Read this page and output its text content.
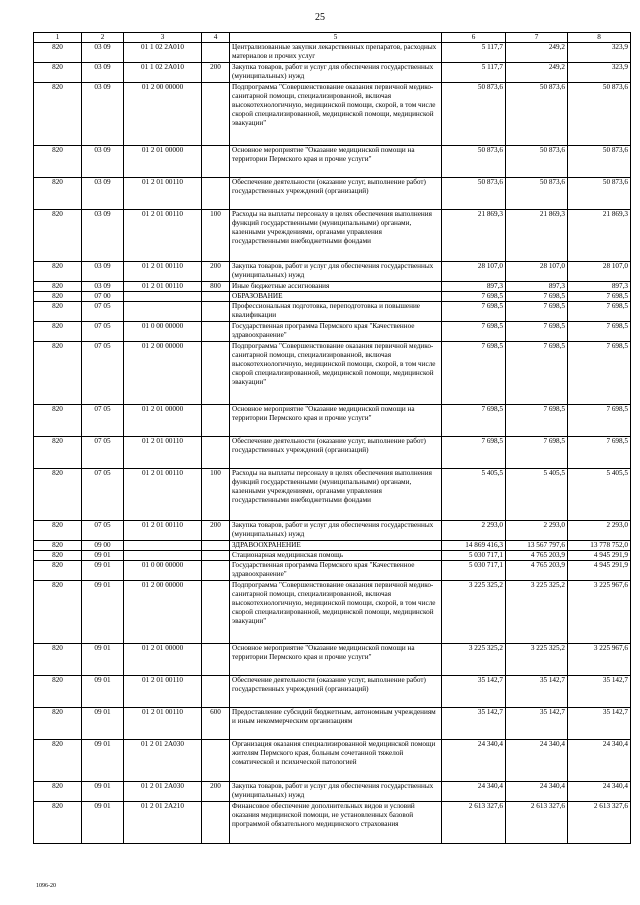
25
1	2	3	4	5	6	7	8
820	03 09	01 1 02 2А010		Централизованные закупки лекарственных препаратов, расходных материалов и прочих услуг	5 117,7	249,2	323,9
820	03 09	01 1 02 2А010	200	Закупка товаров, работ и услуг для обеспечения государственных (муниципальных) нужд	5 117,7	249,2	323,9
820	03 09	01 2 00 00000		Подпрограмма "Совершенствование оказания первичной медико-санитарной помощи, специализированной, включая высокотехнологичную, медицинской помощи, скорой, в том числе скорой специализированной, медицинской помощи, медицинской эвакуации"	50 873,6	50 873,6	50 873,6
820	03 09	01 2 01 00000		Основное мероприятие "Оказание медицинской помощи на территории Пермского края и прочие услуги"	50 873,6	50 873,6	50 873,6
820	03 09	01 2 01 00110		Обеспечение деятельности (оказание услуг, выполнение работ) государственных учреждений (организаций)	50 873,6	50 873,6	50 873,6
820	03 09	01 2 01 00110	100	Расходы на выплаты персоналу в целях обеспечения выполнения функций государственными (муниципальными) органами, казенными учреждениями, органами управления государственными внебюджетными фондами	21 869,3	21 869,3	21 869,3
820	03 09	01 2 01 00110	200	Закупка товаров, работ и услуг для обеспечения государственных (муниципальных) нужд	28 107,0	28 107,0	28 107,0
820	03 09	01 2 01 00110	800	Иные бюджетные ассигнования	897,3	897,3	897,3
820	07 00			ОБРАЗОВАНИЕ	7 698,5	7 698,5	7 698,5
820	07 05			Профессиональная подготовка, переподготовка и повышение квалификации	7 698,5	7 698,5	7 698,5
820	07 05	01 0 00 00000		Государственная программа Пермского края "Качественное здравоохранение"	7 698,5	7 698,5	7 698,5
820	07 05	01 2 00 00000		Подпрограмма "Совершенствование оказания первичной медико-санитарной помощи, специализированной, включая высокотехнологичную, медицинской помощи, скорой, в том числе скорой специализированной, медицинской помощи, медицинской эвакуации"	7 698,5	7 698,5	7 698,5
820	07 05	01 2 01 00000		Основное мероприятие "Оказание медицинской помощи на территории Пермского края и прочие услуги"	7 698,5	7 698,5	7 698,5
820	07 05	01 2 01 00110		Обеспечение деятельности (оказание услуг, выполнение работ) государственных учреждений (организаций)	7 698,5	7 698,5	7 698,5
820	07 05	01 2 01 00110	100	Расходы на выплаты персоналу в целях обеспечения выполнения функций государственными (муниципальными) органами, казенными учреждениями, органами управления государственными внебюджетными фондами	5 405,5	5 405,5	5 405,5
820	07 05	01 2 01 00110	200	Закупка товаров, работ и услуг для обеспечения государственных (муниципальных) нужд	2 293,0	2 293,0	2 293,0
820	09 00			ЗДРАВООХРАНЕНИЕ	14 869 416,3	13 567 797,6	13 778 752,0
820	09 01			Стационарная медицинская помощь	5 030 717,1	4 765 203,9	4 945 291,9
820	09 01	01 0 00 00000		Государственная программа Пермского края "Качественное здравоохранение"	5 030 717,1	4 765 203,9	4 945 291,9
820	09 01	01 2 00 00000		Подпрограмма "Совершенствование оказания первичной медико-санитарной помощи, специализированной, включая высокотехнологичную, медицинской помощи, скорой, в том числе скорой специализированной, медицинской помощи, медицинской эвакуации"	3 225 325,2	3 225 325,2	3 225 967,6
820	09 01	01 2 01 00000		Основное мероприятие "Оказание медицинской помощи на территории Пермского края и прочие услуги"	3 225 325,2	3 225 325,2	3 225 967,6
820	09 01	01 2 01 00110		Обеспечение деятельности (оказание услуг, выполнение работ) государственных учреждений (организаций)	35 142,7	35 142,7	35 142,7
820	09 01	01 2 01 00110	600	Предоставление субсидий бюджетным, автономным учреждениям и иным некоммерческим организациям	35 142,7	35 142,7	35 142,7
820	09 01	01 2 01 2А030		Организация оказания специализированной медицинской помощи жителям Пермского края, больным сочетанной тяжелой соматической и психической патологией	24 340,4	24 340,4	24 340,4
820	09 01	01 2 01 2А030	200	Закупка товаров, работ и услуг для обеспечения государственных (муниципальных) нужд	24 340,4	24 340,4	24 340,4
820	09 01	01 2 01 2А210		Финансовое обеспечение дополнительных видов и условий оказания медицинской помощи, не установленных базовой программой обязательного медицинского страхования	2 613 327,6	2 613 327,6	2 613 327,6
1096-20
